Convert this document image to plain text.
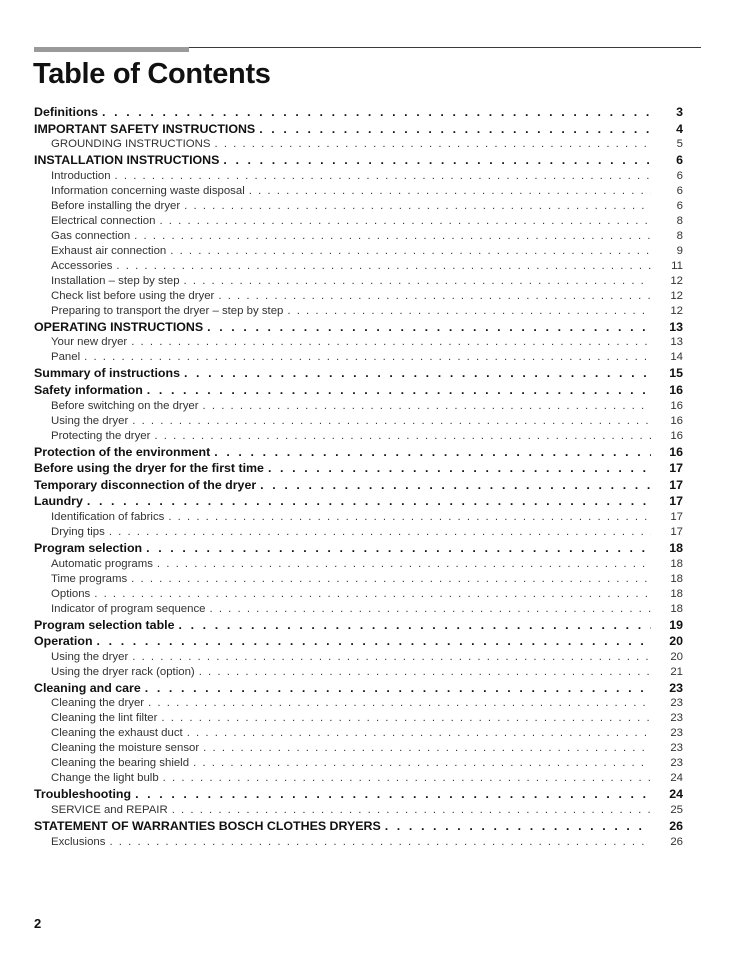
Table of Contents
Definitions . . .	3
IMPORTANT SAFETY INSTRUCTIONS . . .	4
GROUNDING INSTRUCTIONS . . .	5
INSTALLATION INSTRUCTIONS . . .	6
Introduction . . .	6
Information concerning waste disposal . . .	6
Before installing the dryer . . .	6
Electrical connection . . .	8
Gas connection . . .	8
Exhaust air connection . . .	9
Accessories . . .	11
Installation – step by step . . .	12
Check list before using the dryer . . .	12
Preparing to transport the dryer – step by step . . .	12
OPERATING INSTRUCTIONS . . .	13
Your new dryer . . .	13
Panel . . .	14
Summary of instructions . . .	15
Safety information . . .	16
Before switching on the dryer . . .	16
Using the dryer . . .	16
Protecting the dryer . . .	16
Protection of the environment . . .	16
Before using the dryer for the first time . . .	17
Temporary disconnection of the dryer . . .	17
Laundry . . .	17
Identification of fabrics . . .	17
Drying tips . . .	17
Program selection . . .	18
Automatic programs . . .	18
Time programs . . .	18
Options . . .	18
Indicator of program sequence . . .	18
Program selection table . . .	19
Operation . . .	20
Using the dryer . . .	20
Using the dryer rack (option) . . .	21
Cleaning and care . . .	23
Cleaning the dryer . . .	23
Cleaning the lint filter . . .	23
Cleaning the exhaust duct . . .	23
Cleaning the moisture sensor . . .	23
Cleaning the bearing shield . . .	23
Change the light bulb . . .	24
Troubleshooting . . .	24
SERVICE and REPAIR . . .	25
STATEMENT OF WARRANTIES BOSCH CLOTHES DRYERS . . .	26
Exclusions . . .	26
2
